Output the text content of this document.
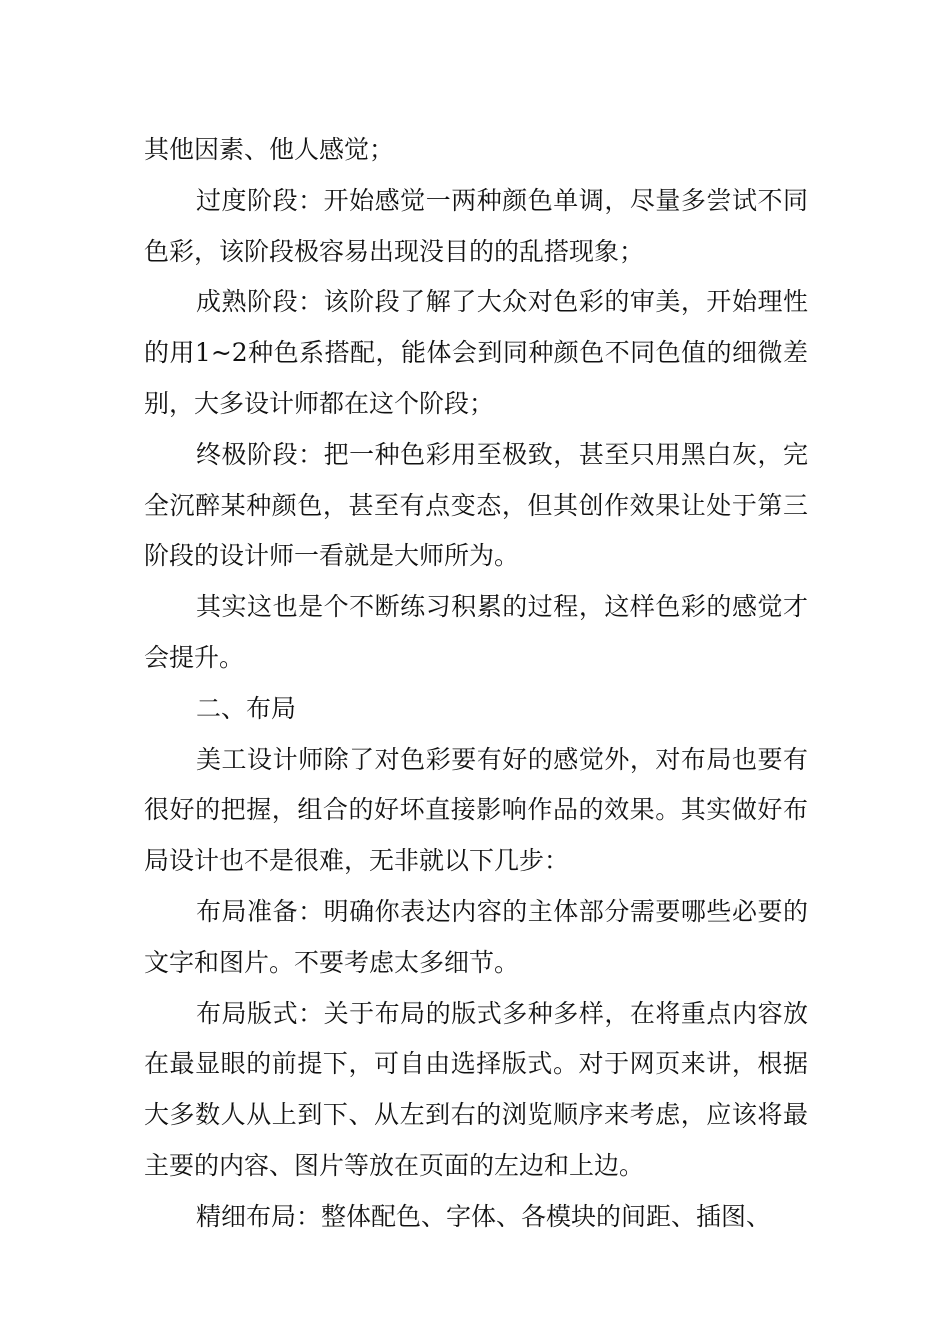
其他因素、他人感觉；

过度阶段：开始感觉一两种颜色单调，尽量多尝试不同色彩，该阶段极容易出现没目的的乱搭现象；

成熟阶段：该阶段了解了大众对色彩的审美，开始理性的用1~2种色系搭配，能体会到同种颜色不同色值的细微差别，大多设计师都在这个阶段；

终极阶段：把一种色彩用至极致，甚至只用黑白灰，完全沉醉某种颜色，甚至有点变态，但其创作效果让处于第三阶段的设计师一看就是大师所为。

其实这也是个不断练习积累的过程，这样色彩的感觉才会提升。

二、布局

美工设计师除了对色彩要有好的感觉外，对布局也要有很好的把握，组合的好坏直接影响作品的效果。其实做好布局设计也不是很难，无非就以下几步：

布局准备：明确你表达内容的主体部分需要哪些必要的文字和图片。不要考虑太多细节。

布局版式：关于布局的版式多种多样，在将重点内容放在最显眼的前提下，可自由选择版式。对于网页来讲，根据大多数人从上到下、从左到右的浏览顺序来考虑，应该将最主要的内容、图片等放在页面的左边和上边。

精细布局：整体配色、字体、各模块的间距、插图、
